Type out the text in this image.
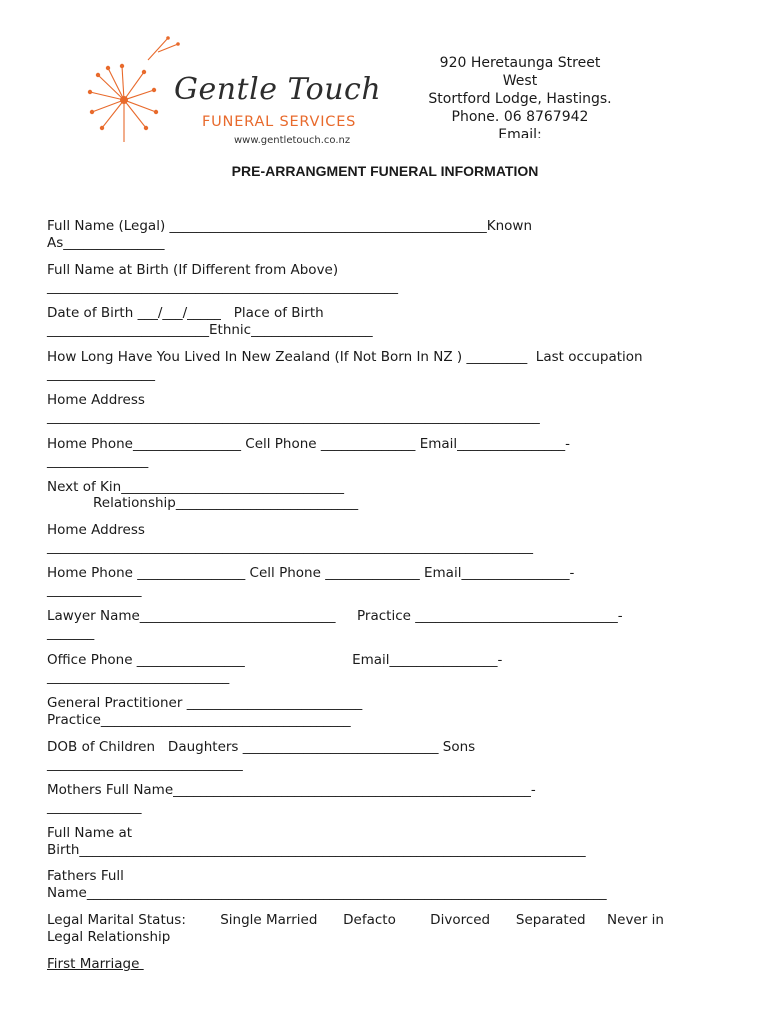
Gentle Touch
FUNERAL SERVICES
www.gentletouch.co.nz
920 Heretaunga Street
West
Stortford Lodge, Hastings.
Phone. 06 8767942
Email:
PRE-ARRANGMENT FUNERAL INFORMATION
Full Name (Legal) _______________________________________________Known
As_______________
Full Name at Birth (If Different from Above)
____________________________________________________
Date of Birth ___/___/_____   Place of Birth
________________________Ethnic__________________
How Long Have You Lived In New Zealand (If Not Born In NZ ) _________  Last occupation
________________
Home Address
_________________________________________________________________________
Home Phone________________ Cell Phone ______________ Email________________-
_______________
Next of Kin_________________________________
Relationship___________________________
Home Address
________________________________________________________________________
Home Phone ________________ Cell Phone ______________ Email________________-
______________
Lawyer Name_____________________________     Practice ______________________________-
_______
Office Phone ________________                         Email________________-
___________________________
General Practitioner __________________________
Practice_____________________________________
DOB of Children   Daughters _____________________________ Sons
_____________________________
Mothers Full Name_____________________________________________________-
______________
Full Name at
Birth___________________________________________________________________________
Fathers Full
Name_____________________________________________________________________________
Legal Marital Status:        Single Married      Defacto        Divorced      Separated     Never in
Legal Relationship
First Marriage
